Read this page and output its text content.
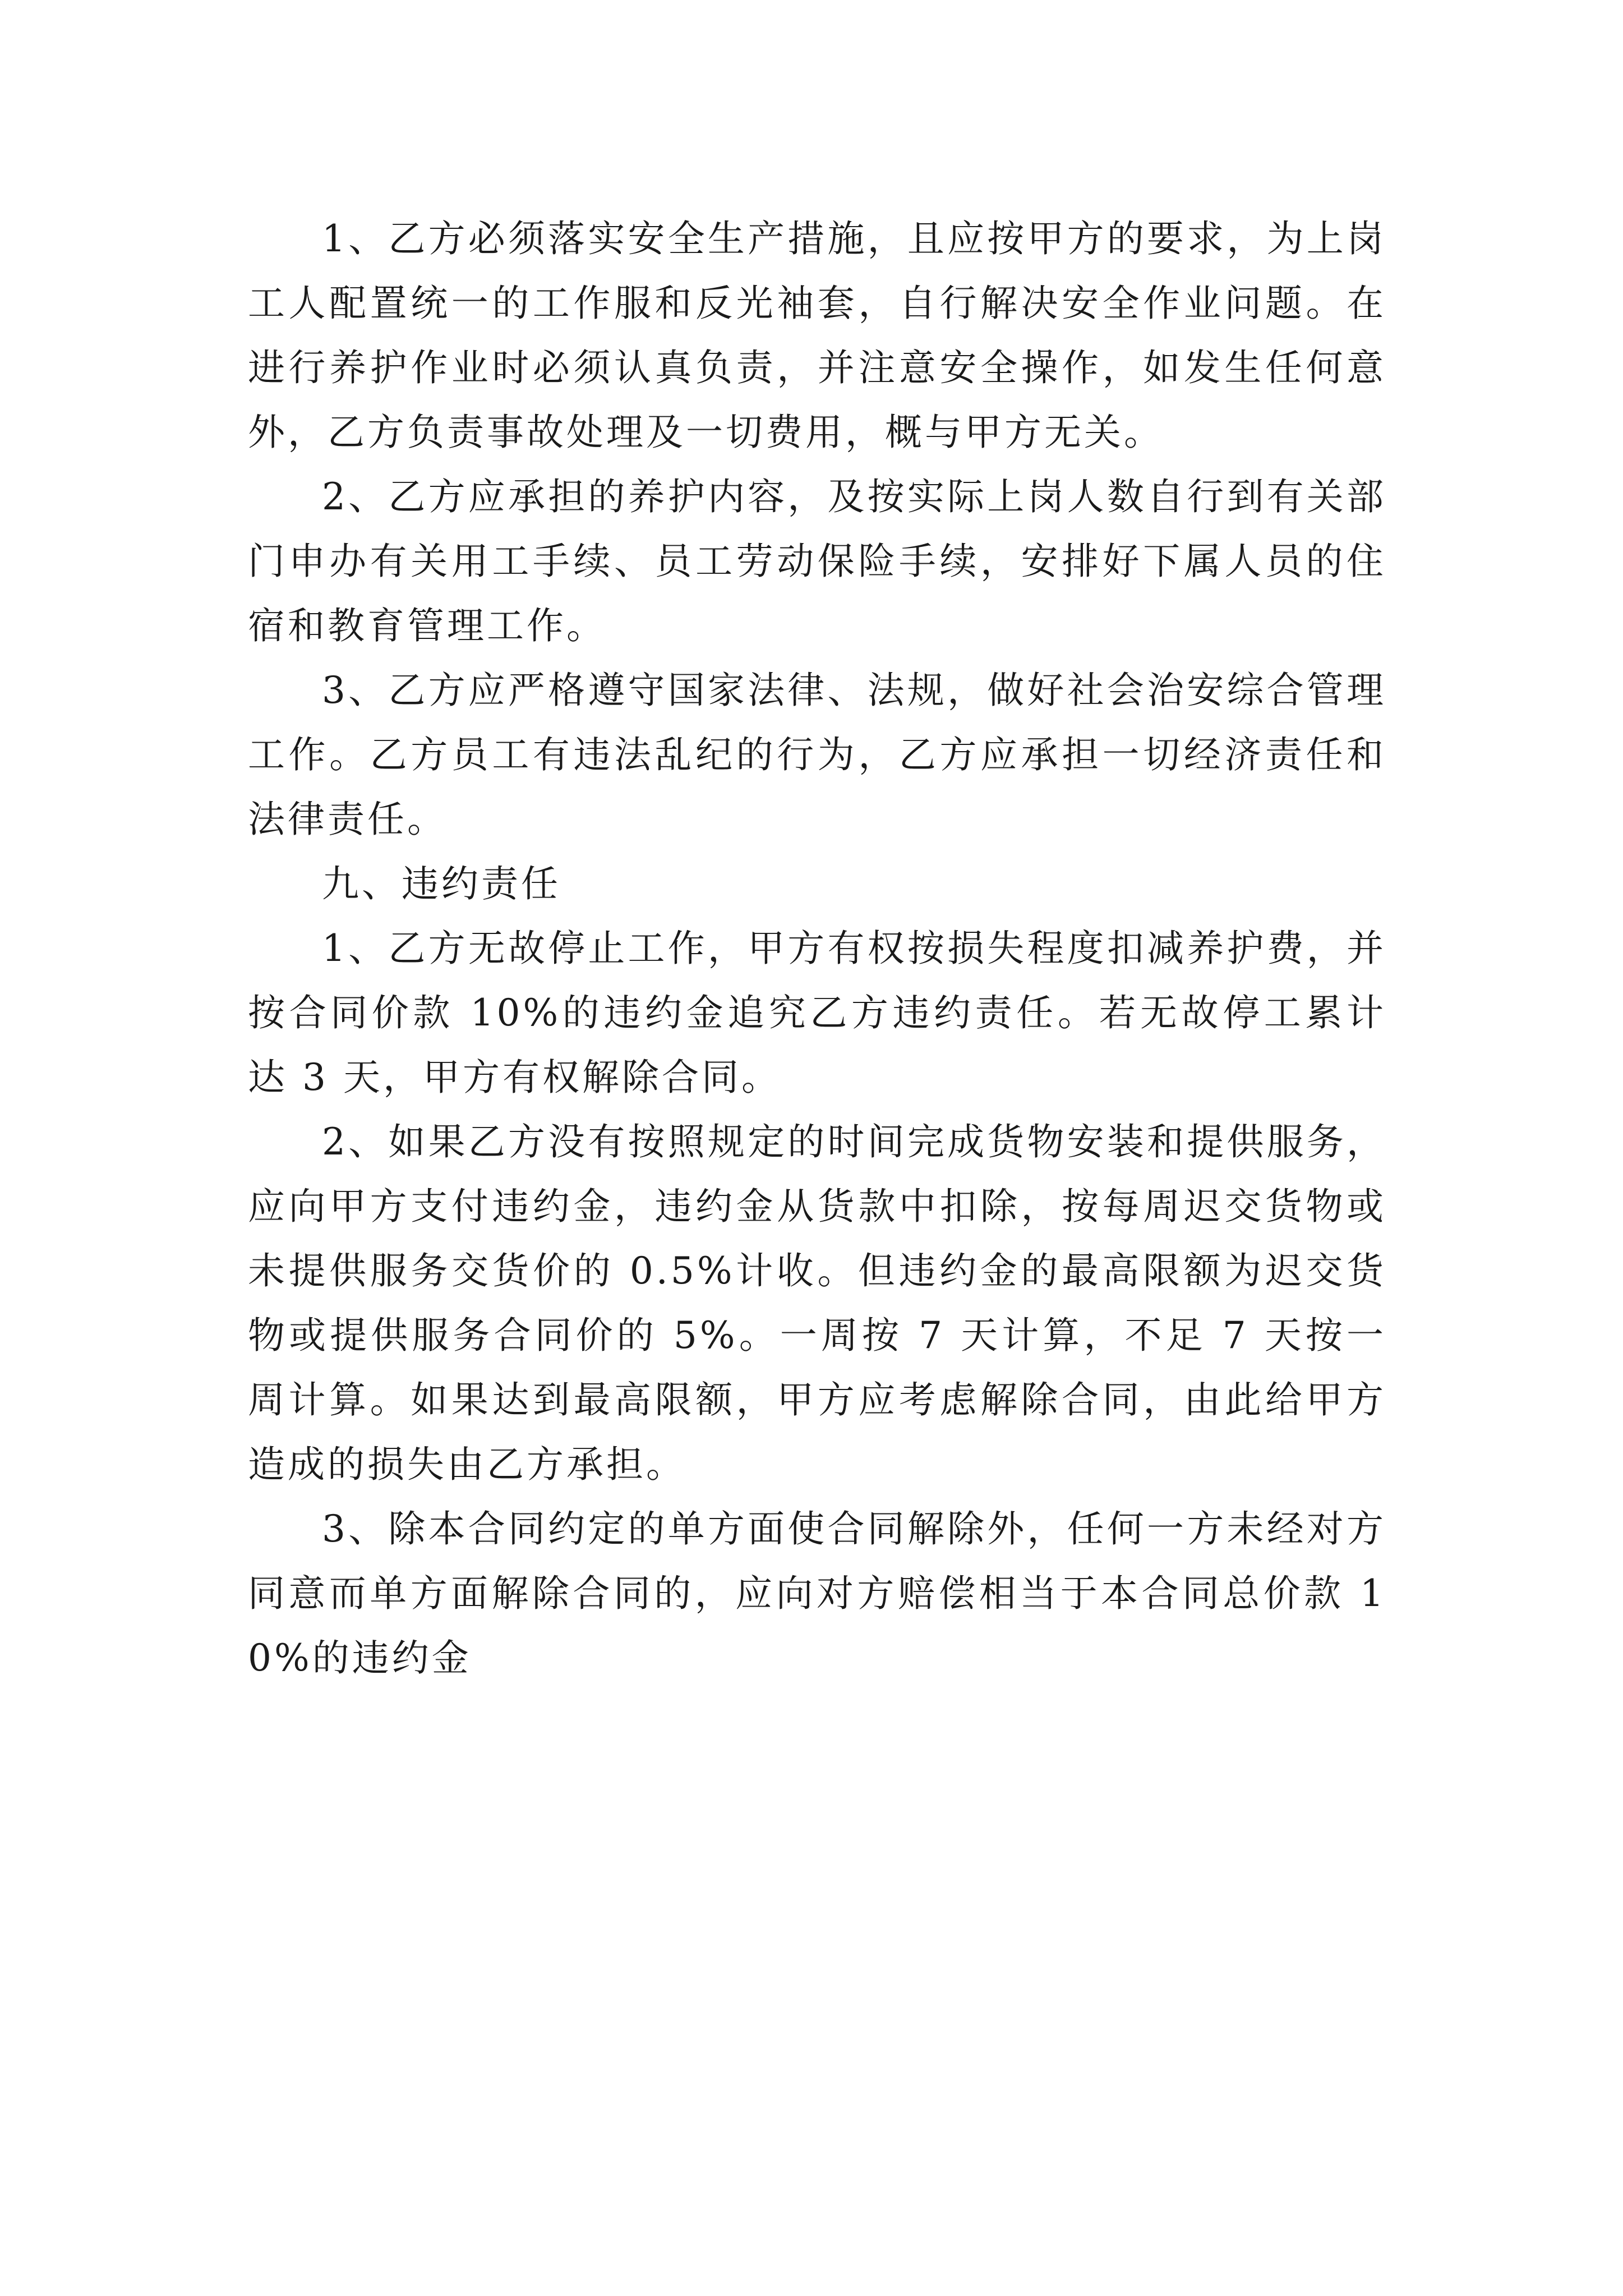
1、乙方必须落实安全生产措施，且应按甲方的要求，为上岗工人配置统一的工作服和反光袖套，自行解决安全作业问题。在进行养护作业时必须认真负责，并注意安全操作，如发生任何意外，乙方负责事故处理及一切费用，概与甲方无关。

2、乙方应承担的养护内容，及按实际上岗人数自行到有关部门申办有关用工手续、员工劳动保险手续，安排好下属人员的住宿和教育管理工作。

3、乙方应严格遵守国家法律、法规，做好社会治安综合管理工作。乙方员工有违法乱纪的行为，乙方应承担一切经济责任和法律责任。

九、违约责任

1、乙方无故停止工作，甲方有权按损失程度扣减养护费，并按合同价款 10%的违约金追究乙方违约责任。若无故停工累计达 3 天，甲方有权解除合同。

2、如果乙方没有按照规定的时间完成货物安装和提供服务，应向甲方支付违约金，违约金从货款中扣除，按每周迟交货物或未提供服务交货价的 0.5%计收。但违约金的最高限额为迟交货物或提供服务合同价的 5%。一周按 7 天计算，不足 7 天按一周计算。如果达到最高限额，甲方应考虑解除合同，由此给甲方造成的损失由乙方承担。

3、除本合同约定的单方面使合同解除外，任何一方未经对方同意而单方面解除合同的，应向对方赔偿相当于本合同总价款 10%的违约金
